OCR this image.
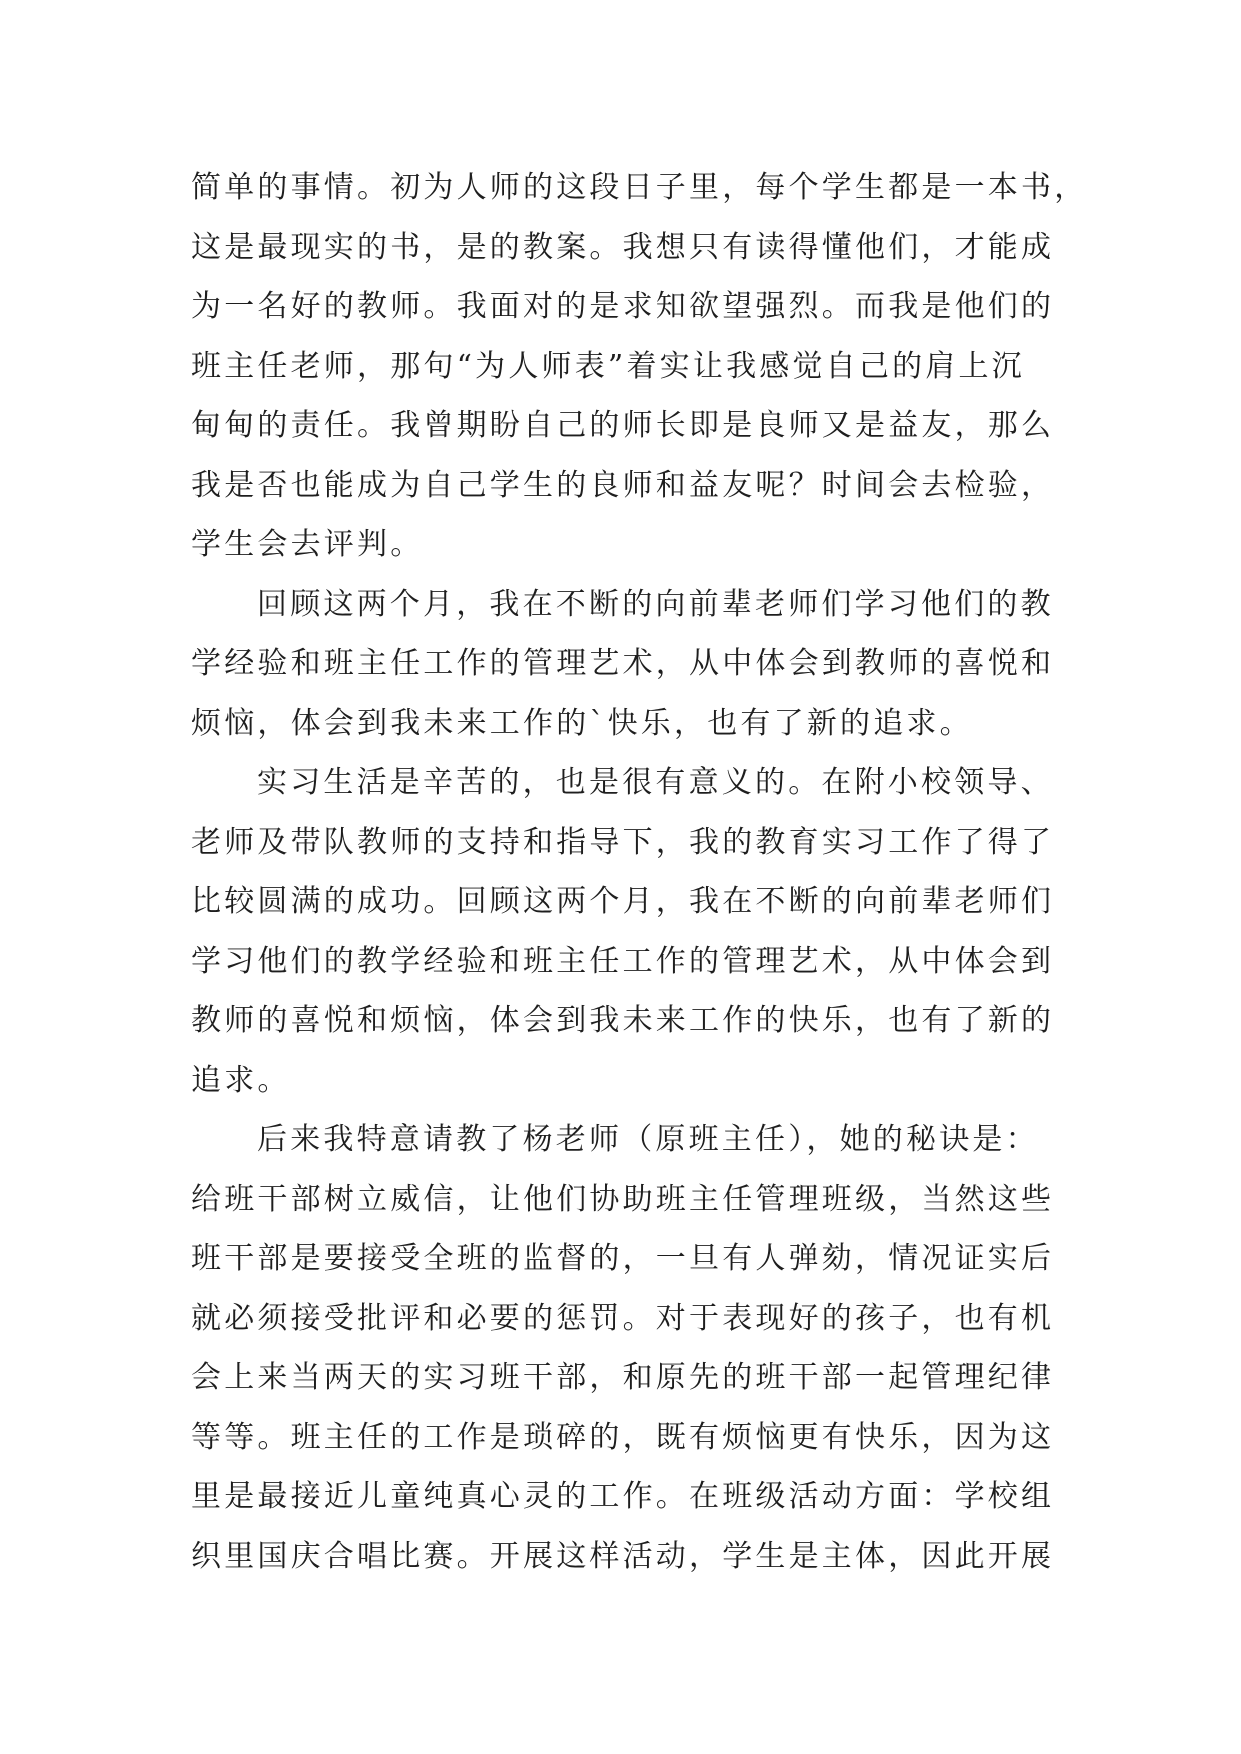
简单的事情。初为人师的这段日子里，每个学生都是一本书，
这是最现实的书，是的教案。我想只有读得懂他们，才能成
为一名好的教师。我面对的是求知欲望强烈。而我是他们的
班主任老师，那句“为人师表”着实让我感觉自己的肩上沉
甸甸的责任。我曾期盼自己的师长即是良师又是益友，那么
我是否也能成为自己学生的良师和益友呢？时间会去检验，
学生会去评判。
回顾这两个月，我在不断的向前辈老师们学习他们的教
学经验和班主任工作的管理艺术，从中体会到教师的喜悦和
烦恼，体会到我未来工作的`快乐，也有了新的追求。
实习生活是辛苦的，也是很有意义的。在附小校领导、
老师及带队教师的支持和指导下，我的教育实习工作了得了
比较圆满的成功。回顾这两个月，我在不断的向前辈老师们
学习他们的教学经验和班主任工作的管理艺术，从中体会到
教师的喜悦和烦恼，体会到我未来工作的快乐，也有了新的
追求。
后来我特意请教了杨老师（原班主任），她的秘诀是：
给班干部树立威信，让他们协助班主任管理班级，当然这些
班干部是要接受全班的监督的，一旦有人弹劾，情况证实后
就必须接受批评和必要的惩罚。对于表现好的孩子，也有机
会上来当两天的实习班干部，和原先的班干部一起管理纪律
等等。班主任的工作是琐碎的，既有烦恼更有快乐，因为这
里是最接近儿童纯真心灵的工作。在班级活动方面：学校组
织里国庆合唱比赛。开展这样活动，学生是主体，因此开展
